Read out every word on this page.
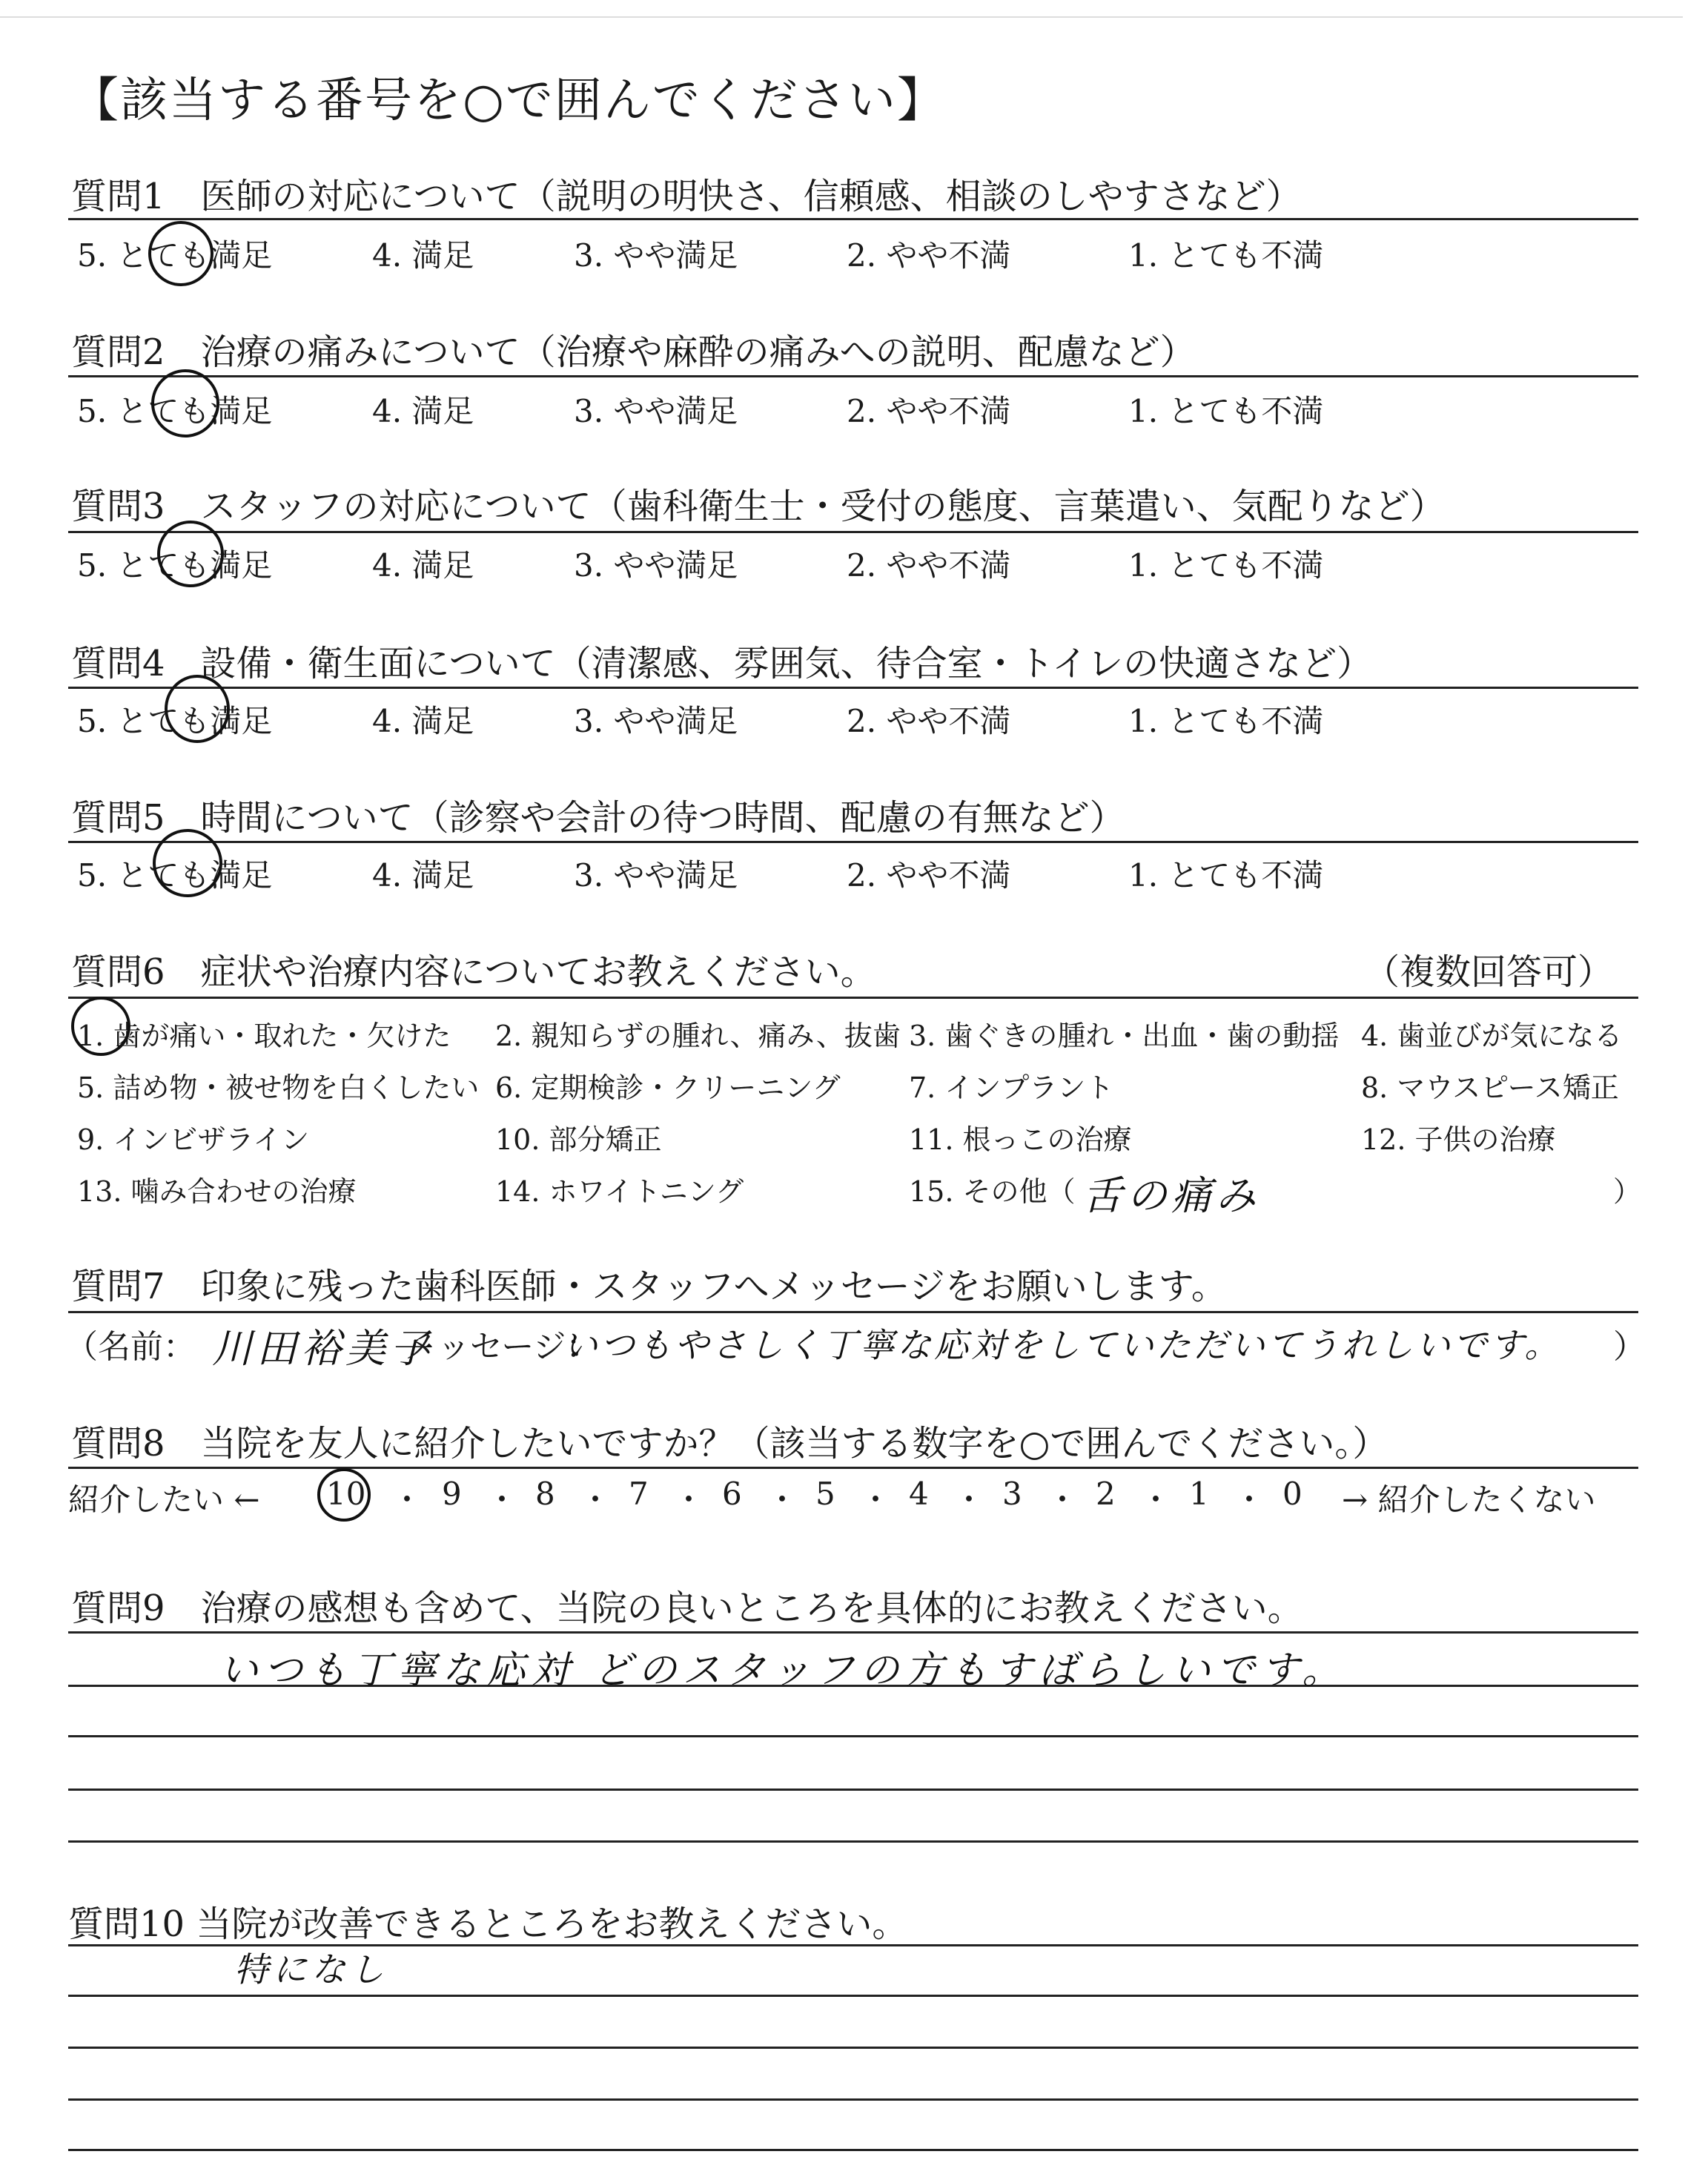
【該当する番号を○で囲んでください】
質問1　医師の対応について（説明の明快さ、信頼感、相談のしやすさなど）
5. とても満足	4. 満足	3. やや満足	2. やや不満	1. とても不満
質問2　治療の痛みについて（治療や麻酔の痛みへの説明、配慮など）
5. とても満足	4. 満足	3. やや満足	2. やや不満	1. とても不満
質問3　スタッフの対応について（歯科衛生士・受付の態度、言葉遣い、気配りなど）
5. とても満足	4. 満足	3. やや満足	2. やや不満	1. とても不満
質問4　設備・衛生面について（清潔感、雰囲気、待合室・トイレの快適さなど）
5. とても満足	4. 満足	3. やや満足	2. やや不満	1. とても不満
質問5　時間について（診察や会計の待つ時間、配慮の有無など）
5. とても満足	4. 満足	3. やや満足	2. やや不満	1. とても不満
質問6　症状や治療内容についてお教えください。	（複数回答可）
1. 歯が痛い・取れた・欠けた 2. 親知らずの腫れ、痛み、抜歯 3. 歯ぐきの腫れ・出血・歯の動揺 4. 歯並びが気になる
5. 詰め物・被せ物を白くしたい 6. 定期検診・クリーニング 7. インプラント	8. マウスピース矯正
9. インビザライン	10. 部分矯正	11. 根っこの治療	12. 子供の治療
13. 噛み合わせの治療	14. ホワイトニング	15. その他（ 舌の痛み	）
質問7　印象に残った歯科医師・スタッフへメッセージをお願いします。
（名前： 川田裕美子
メッセージ：
いつもやさしく丁寧な応対をしていただいてうれしいです。 ）
質問8　当院を友人に紹介したいですか？（該当する数字を○で囲んでください。）
紹介したい ← 10 ・ 9 ・ 8 ・ 7 ・ 6 ・ 5 ・ 4 ・ 3 ・ 2 ・ 1 ・ 0 → 紹介したくない
質問9　治療の感想も含めて、当院の良いところを具体的にお教えください。
いつも丁寧な応対 どのスタッフの方もすばらしいです。
質問10 当院が改善できるところをお教えください。
特になし
